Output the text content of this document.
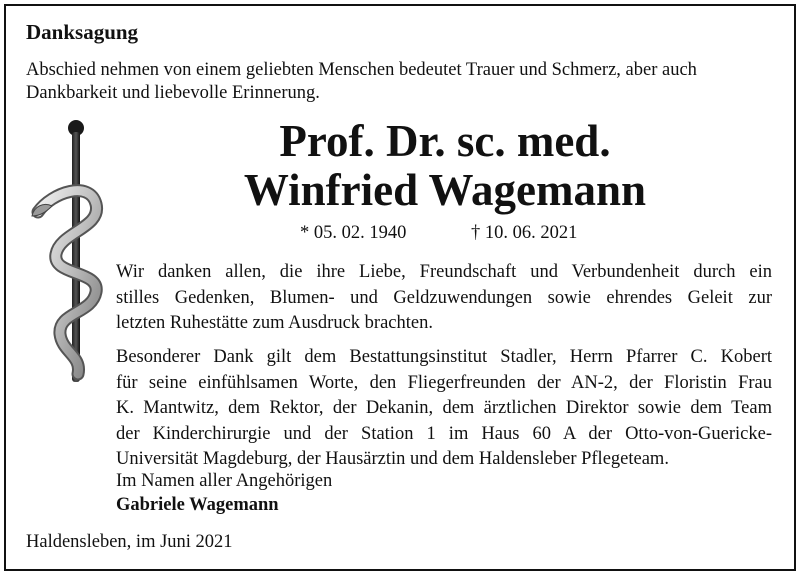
Danksagung
Abschied nehmen von einem geliebten Menschen bedeutet Trauer und Schmerz, aber auch Dankbarkeit und liebevolle Erinnerung.
Prof. Dr. sc. med.
Winfried Wagemann
* 05. 02. 1940	† 10. 06. 2021
Wir danken allen, die ihre Liebe, Freundschaft und Verbundenheit durch ein
stilles Gedenken, Blumen- und Geldzuwendungen sowie ehrendes Geleit zur
letzten Ruhestätte zum Ausdruck brachten.
Besonderer Dank gilt dem Bestattungsinstitut Stadler, Herrn Pfarrer C. Kobert
für seine einfühlsamen Worte, den Fliegerfreunden der AN-2, der Floristin Frau
K. Mantwitz, dem Rektor, der Dekanin, dem ärztlichen Direktor sowie dem Team
der Kinderchirurgie und der Station 1 im Haus 60 A der Otto-von-Guericke-
Universität Magdeburg, der Hausärztin und dem Haldensleber Pflegeteam.
Im Namen aller Angehörigen
Gabriele Wagemann
Haldensleben, im Juni 2021
